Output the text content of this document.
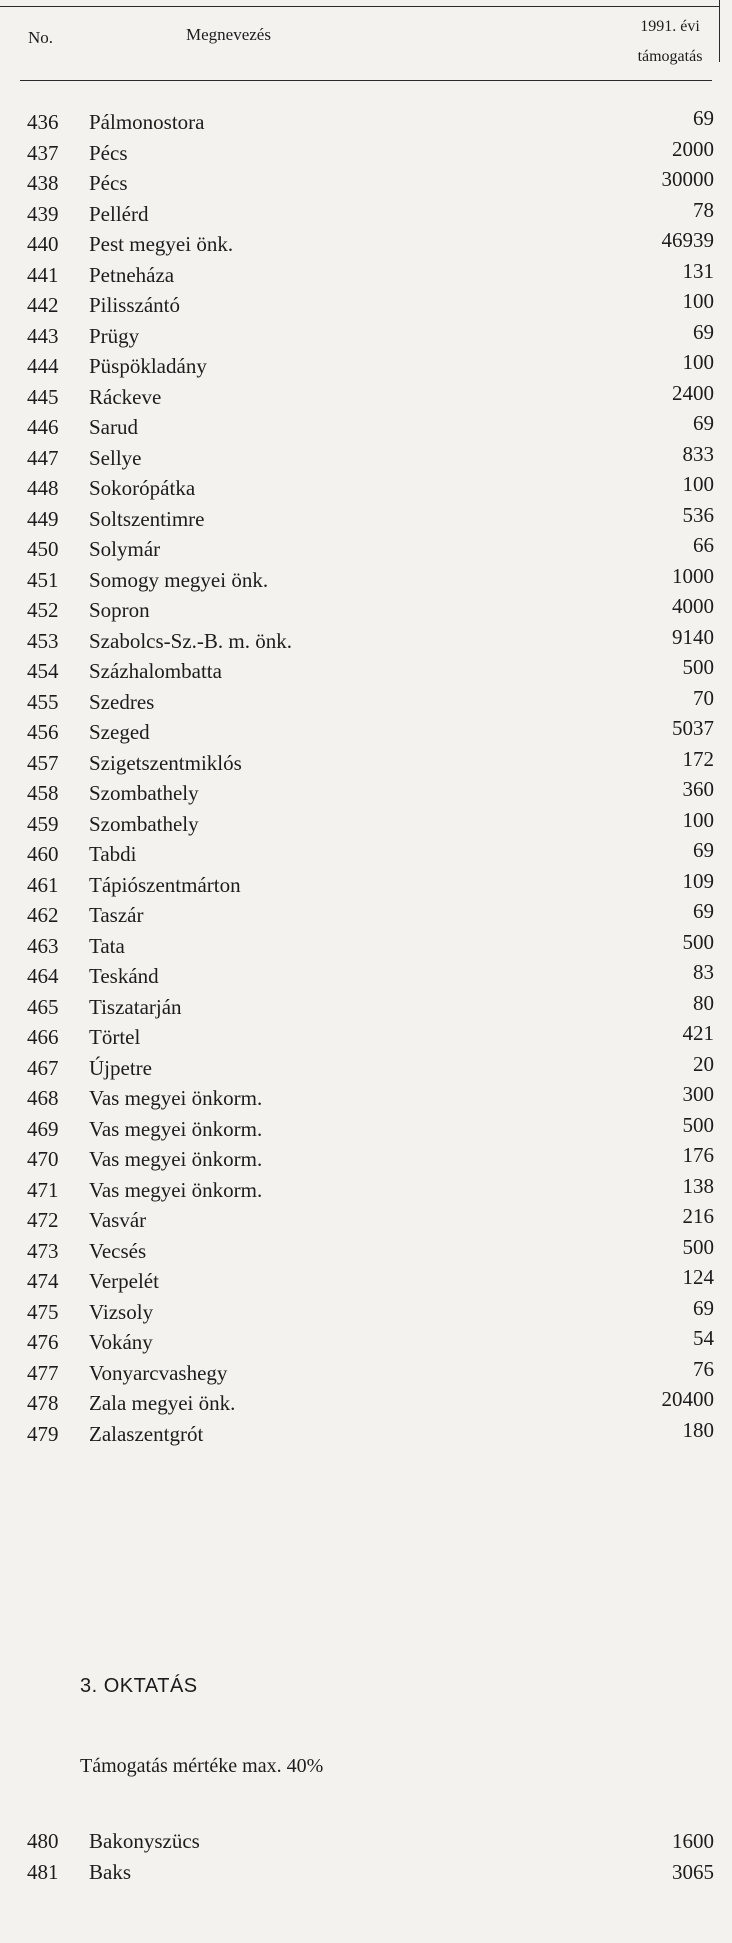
No.	Megnevezés	1991. évi
támogatás
436 Pálmonostora	69
437 Pécs	2000
438 Pécs	30000
439 Pellérd	78
440 Pest megyei önk.	46939
441 Petneháza	131
442 Pilisszántó	100
443 Prügy	69
444 Püspökladány	100
445 Ráckeve	2400
446 Sarud	69
447 Sellye	833
448 Sokorópátka	100
449 Soltszentimre	536
450 Solymár	66
451 Somogy megyei önk.	1000
452 Sopron	4000
453 Szabolcs-Sz.-B. m. önk.	9140
454 Százhalombatta	500
455 Szedres	70
456 Szeged	5037
457 Szigetszentmiklós	172
458 Szombathely	360
459 Szombathely	100
460 Tabdi	69
461 Tápiószentmárton	109
462 Taszár	69
463 Tata	500
464 Teskánd	83
465 Tiszatarján	80
466 Törtel	421
467 Újpetre	20
468 Vas megyei önkorm.	300
469 Vas megyei önkorm.	500
470 Vas megyei önkorm.	176
471 Vas megyei önkorm.	138
472 Vasvár	216
473 Vecsés	500
474 Verpelét	124
475 Vizsoly	69
476 Vokány	54
477 Vonyarcvashegy	76
478 Zala megyei önk.	20400
479 Zalaszentgrót	180
3. OKTATÁS
Támogatás mértéke max. 40%
480 Bakonyszücs	1600
481 Baks	3065
